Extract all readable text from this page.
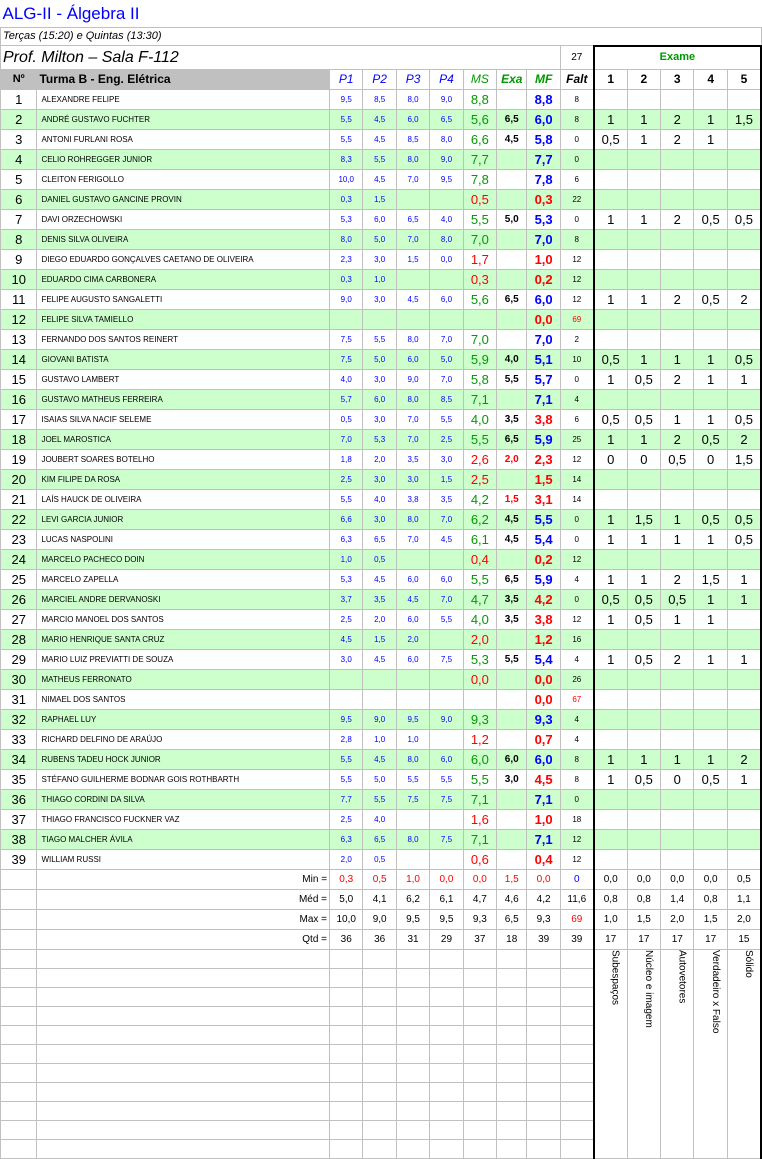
ALG-II - Álgebra II														
Terças (15:20) e Quintas (13:30)														
Prof. Milton – Sala F-112									27	Exame				
Nº	Turma B - Eng. Elétrica	P1	P2	P3	P4	MS	Exa	MF	Falt	1	2	3	4	5
1	ALEXANDRE FELIPE	9,5	8,5	8,0	9,0	8,8		8,8	8					
2	ANDRÉ GUSTAVO FUCHTER	5,5	4,5	6,0	6,5	5,6	6,5	6,0	8	1	1	2	1	1,5
3	ANTONI FURLANI ROSA	5,5	4,5	8,5	8,0	6,6	4,5	5,8	0	0,5	1	2	1	
4	CELIO ROHREGGER JUNIOR	8,3	5,5	8,0	9,0	7,7		7,7	0					
5	CLEITON FERIGOLLO	10,0	4,5	7,0	9,5	7,8		7,8	6					
6	DANIEL GUSTAVO GANCINE PROVIN	0,3	1,5			0,5		0,3	22					
7	DAVI ORZECHOWSKI	5,3	6,0	6,5	4,0	5,5	5,0	5,3	0	1	1	2	0,5	0,5
8	DENIS SILVA OLIVEIRA	8,0	5,0	7,0	8,0	7,0		7,0	8					
9	DIEGO EDUARDO GONÇALVES CAETANO DE OLIVEIRA	2,3	3,0	1,5	0,0	1,7		1,0	12					
10	EDUARDO CIMA CARBONERA	0,3	1,0			0,3		0,2	12					
11	FELIPE AUGUSTO SANGALETTI	9,0	3,0	4,5	6,0	5,6	6,5	6,0	12	1	1	2	0,5	2
12	FELIPE SILVA TAMIELLO							0,0	69					
13	FERNANDO DOS SANTOS REINERT	7,5	5,5	8,0	7,0	7,0		7,0	2					
14	GIOVANI BATISTA	7,5	5,0	6,0	5,0	5,9	4,0	5,1	10	0,5	1	1	1	0,5
15	GUSTAVO LAMBERT	4,0	3,0	9,0	7,0	5,8	5,5	5,7	0	1	0,5	2	1	1
16	GUSTAVO MATHEUS FERREIRA	5,7	6,0	8,0	8,5	7,1		7,1	4					
17	ISAIAS SILVA NACIF SELEME	0,5	3,0	7,0	5,5	4,0	3,5	3,8	6	0,5	0,5	1	1	0,5
18	JOEL MAROSTICA	7,0	5,3	7,0	2,5	5,5	6,5	5,9	25	1	1	2	0,5	2
19	JOUBERT SOARES BOTELHO	1,8	2,0	3,5	3,0	2,6	2,0	2,3	12	0	0	0,5	0	1,5
20	KIM FILIPE DA ROSA	2,5	3,0	3,0	1,5	2,5		1,5	14					
21	LAÍS HAUCK DE OLIVEIRA	5,5	4,0	3,8	3,5	4,2	1,5	3,1	14					
22	LEVI GARCIA JUNIOR	6,6	3,0	8,0	7,0	6,2	4,5	5,5	0	1	1,5	1	0,5	0,5
23	LUCAS NASPOLINI	6,3	6,5	7,0	4,5	6,1	4,5	5,4	0	1	1	1	1	0,5
24	MARCELO PACHECO DOIN	1,0	0,5			0,4		0,2	12					
25	MARCELO ZAPELLA	5,3	4,5	6,0	6,0	5,5	6,5	5,9	4	1	1	2	1,5	1
26	MARCIEL ANDRE DERVANOSKI	3,7	3,5	4,5	7,0	4,7	3,5	4,2	0	0,5	0,5	0,5	1	1
27	MARCIO MANOEL DOS SANTOS	2,5	2,0	6,0	5,5	4,0	3,5	3,8	12	1	0,5	1	1	
28	MARIO HENRIQUE SANTA CRUZ	4,5	1,5	2,0		2,0		1,2	16					
29	MARIO LUIZ PREVIATTI DE SOUZA	3,0	4,5	6,0	7,5	5,3	5,5	5,4	4	1	0,5	2	1	1
30	MATHEUS FERRONATO					0,0		0,0	26					
31	NIMAEL DOS SANTOS							0,0	67					
32	RAPHAEL LUY	9,5	9,0	9,5	9,0	9,3		9,3	4					
33	RICHARD DELFINO DE ARAÚJO	2,8	1,0	1,0		1,2		0,7	4					
34	RUBENS TADEU HOCK JUNIOR	5,5	4,5	8,0	6,0	6,0	6,0	6,0	8	1	1	1	1	2
35	STÉFANO GUILHERME BODNAR GOIS ROTHBARTH	5,5	5,0	5,5	5,5	5,5	3,0	4,5	8	1	0,5	0	0,5	1
36	THIAGO CORDINI DA SILVA	7,7	5,5	7,5	7,5	7,1		7,1	0					
37	THIAGO FRANCISCO FUCKNER VAZ	2,5	4,0			1,6		1,0	18					
38	TIAGO MALCHER ÁVILA	6,3	6,5	8,0	7,5	7,1		7,1	12					
39	WILLIAM RUSSI	2,0	0,5			0,6		0,4	12					
	Min =	0,3	0,5	1,0	0,0	0,0	1,5	0,0	0	0,0	0,0	0,0	0,0	0,5
	Méd =	5,0	4,1	6,2	6,1	4,7	4,6	4,2	11,6	0,8	0,8	1,4	0,8	1,1
	Max =	10,0	9,0	9,5	9,5	9,3	6,5	9,3	69	1,0	1,5	2,0	1,5	2,0
	Qtd =	36	36	31	29	37	18	39	39	17	17	17	17	15
										Subespaços	Núcleo e imagem	Autovetores	Verdadeiro x Falso	Sólido
